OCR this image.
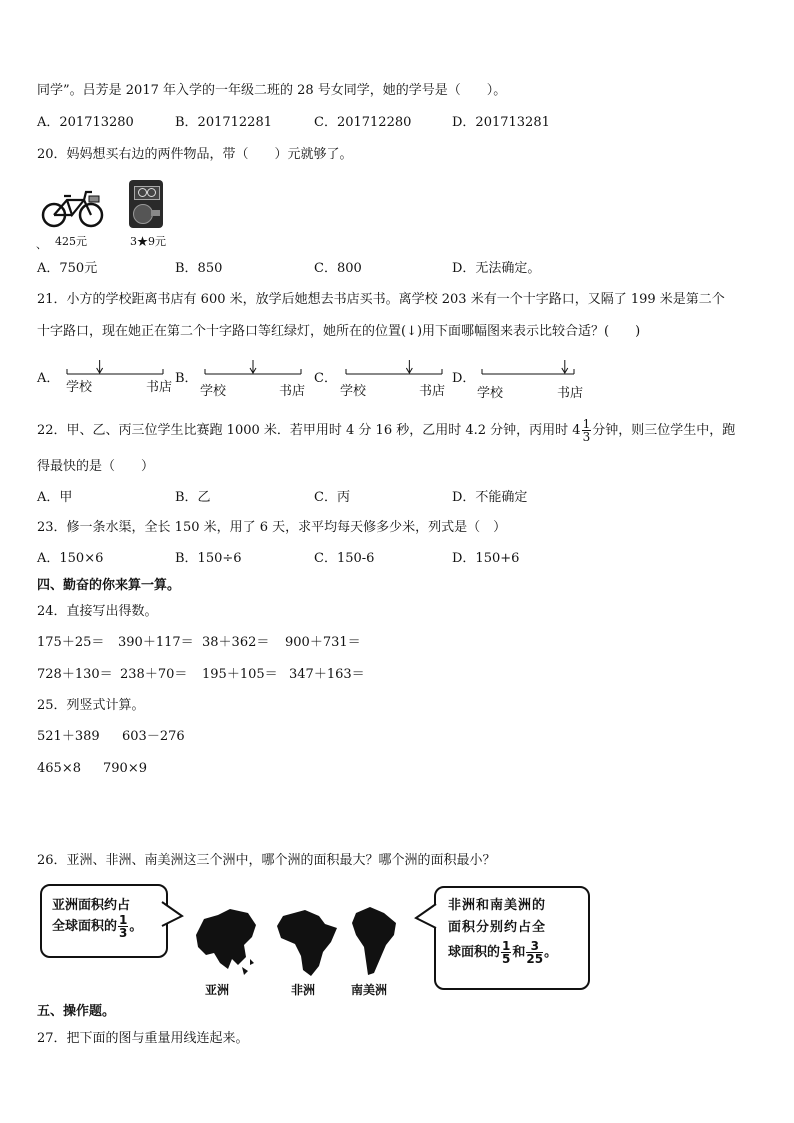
同学”。吕芳是 2017 年入学的一年级二班的 28 号女同学，她的学号是（　　）。
A．201713280	B．201712281	C．201712280	D．201713281
20．妈妈想买右边的两件物品，带（　　）元就够了。
425元	3★9元
、
A．750元	B．850	C．800	D．无法确定。
21．小方的学校距离书店有 600 米，放学后她想去书店买书。离学校 203 米有一个十字路口，又隔了 199 米是第二个
十字路口，现在她正在第二个十字路口等红绿灯，她所在的位置(↓)用下面哪幅图来表示比较合适？(　　)
A．
学校	书店
B．
学校	书店
C．
学校	书店
D．
学校	书店
22．甲、乙、丙三位学生比赛跑 1000 米．若甲用时 4 分 16 秒，乙用时 4.2 分钟，丙用时 $4 \frac{1}{3}$ 分钟，则三位学生中，跑
得最快的是（　　）
A．甲	B．乙	C．丙	D．不能确定
23．修一条水渠，全长 150 米，用了 6 天，求平均每天修多少米，列式是（　）
A．150×6	B．150÷6	C．150-6	D．150+6
四、勤奋的你来算一算。
24．直接写出得数。
175＋25＝ 390＋117＝ 38＋362＝ 900＋731＝
728＋130＝ 238＋70＝ 195＋105＝ 347＋163＝
25．列竖式计算。
521＋389 603－276
465×8 790×9
26．亚洲、非洲、南美洲这三个洲中，哪个洲的面积最大？哪个洲的面积最小？
亚洲面积约占
全球面积的 $\frac{1}{3}$ 。
非洲和南美洲的
面积分别约占全
球面积的 $\frac{1}{5}$ 和 $\frac{3}{25}$ 。
亚洲	非洲	南美洲
五、操作题。
27．把下面的图与重量用线连起来。
